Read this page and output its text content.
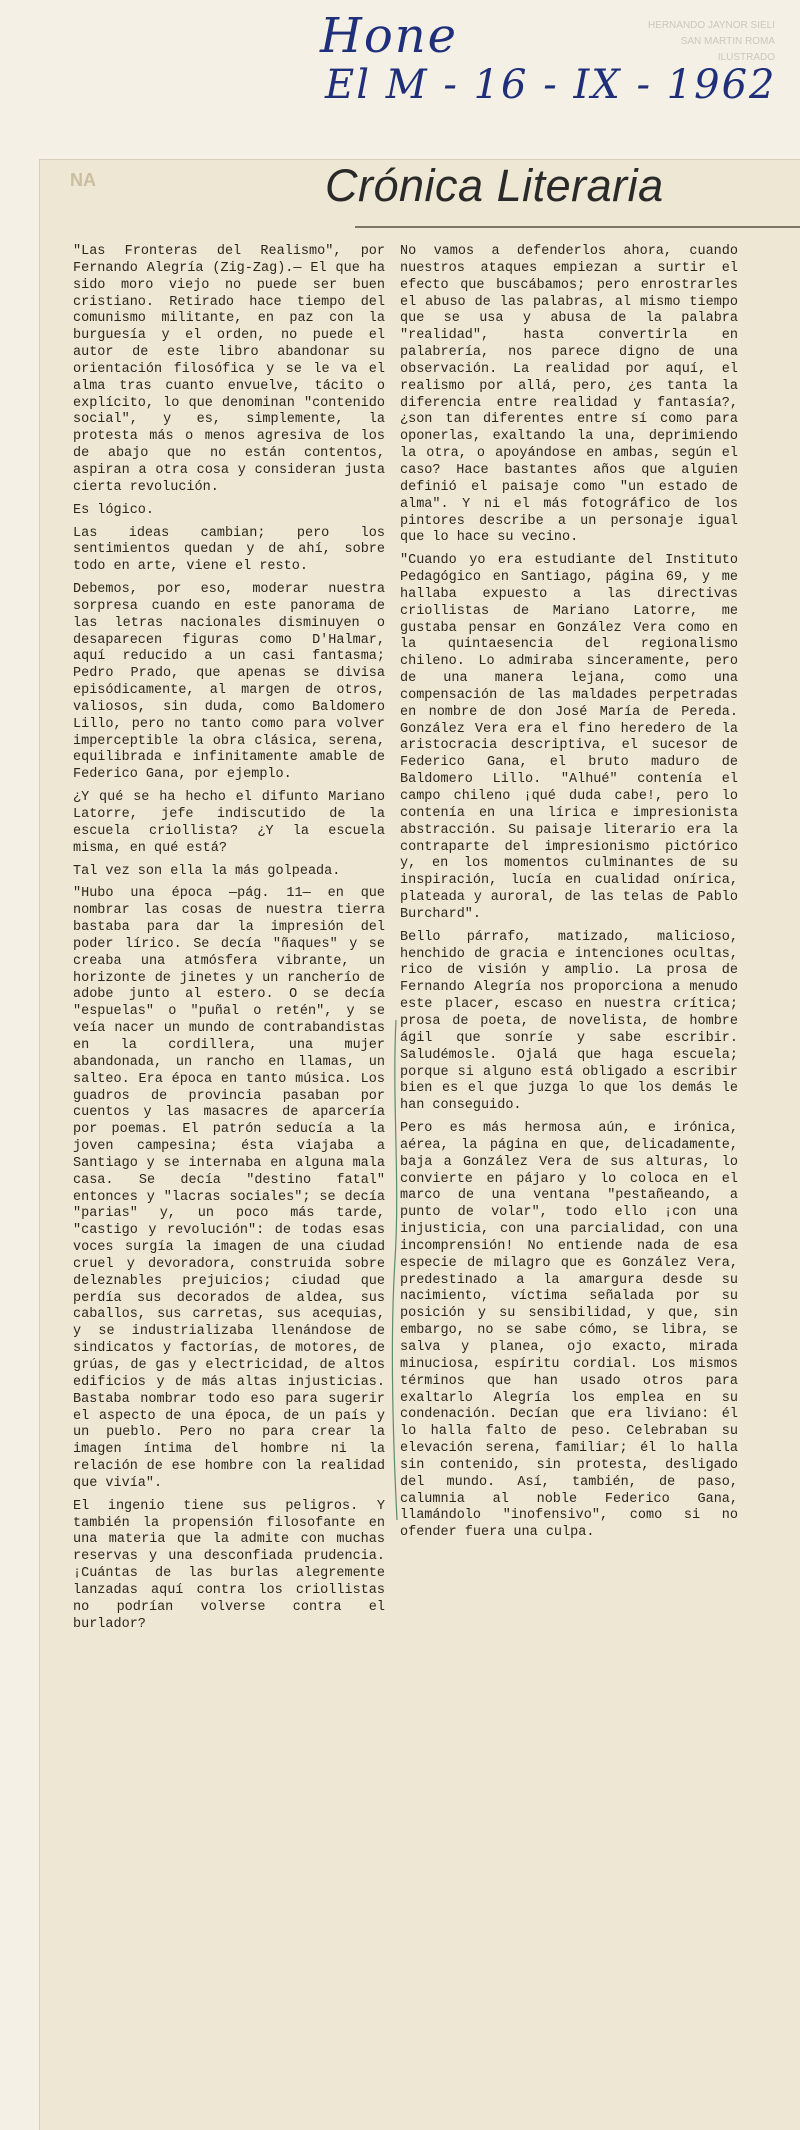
Hone
El M - 16 - IX - 1962
HERNANDO JAYNOR SIELI
SAN MARTIN ROMA
ILUSTRADO
NA	Crónica Literaria

"Las Fronteras del Realismo", por Fernando Alegría (Zig-Zag).— El que ha sido moro viejo no puede ser buen cristiano. Retirado hace tiempo del comunismo militante, en paz con la burguesía y el orden, no puede el autor de este libro abandonar su orientación filosófica y se le va el alma tras cuanto envuelve, tácito o explícito, lo que denominan "contenido social", y es, simplemente, la protesta más o menos agresiva de los de abajo que no están contentos, aspiran a otra cosa y consideran justa cierta revolución.

Es lógico.

Las ideas cambian; pero los sentimientos quedan y de ahí, sobre todo en arte, viene el resto.

Debemos, por eso, moderar nuestra sorpresa cuando en este panorama de las letras nacionales disminuyen o desaparecen figuras como D'Halmar, aquí reducido a un casi fantasma; Pedro Prado, que apenas se divisa episódicamente, al margen de otros, valiosos, sin duda, como Baldomero Lillo, pero no tanto como para volver imperceptible la obra clásica, serena, equilibrada e infinitamente amable de Federico Gana, por ejemplo.

¿Y qué se ha hecho el difunto Mariano Latorre, jefe indiscutido de la escuela criollista? ¿Y la escuela misma, en qué está?

Tal vez son ella la más golpeada.

"Hubo una época —pág. 11— en que nombrar las cosas de nuestra tierra bastaba para dar la impresión del poder lírico. Se decía "ñaques" y se creaba una atmósfera vibrante, un horizonte de jinetes y un rancherío de adobe junto al estero. O se decía "espuelas" o "puñal o retén", y se veía nacer un mundo de contrabandistas en la cordillera, una mujer abandonada, un rancho en llamas, un salteo. Era época en tanto música. Los guadros de provincia pasaban por cuentos y las masacres de aparcería por poemas. El patrón seducía a la joven campesina; ésta viajaba a Santiago y se internaba en alguna mala casa. Se decía "destino fatal" entonces y "lacras sociales"; se decía "parias" y, un poco más tarde, "castigo y revolución": de todas esas voces surgía la imagen de una ciudad cruel y devoradora, construida sobre deleznables prejuicios; ciudad que perdía sus decorados de aldea, sus caballos, sus carretas, sus acequias, y se industrializaba llenándose de sindicatos y factorías, de motores, de grúas, de gas y electricidad, de altos edificios y de más altas injusticias. Bastaba nombrar todo eso para sugerir el aspecto de una época, de un país y un pueblo. Pero no para crear la imagen íntima del hombre ni la relación de ese hombre con la realidad que vivía".

El ingenio tiene sus peligros. Y también la propensión filosofante en una materia que la admite con muchas reservas y una desconfiada prudencia. ¡Cuántas de las burlas alegremente lanzadas aquí contra los criollistas no podrían volverse contra el burlador?

No vamos a defenderlos ahora, cuando nuestros ataques empiezan a surtir el efecto que buscábamos; pero enrostrarles el abuso de las palabras, al mismo tiempo que se usa y abusa de la palabra "realidad", hasta convertirla en palabrería, nos parece digno de una observación. La realidad por aquí, el realismo por allá, pero, ¿es tanta la diferencia entre realidad y fantasía?, ¿son tan diferentes entre sí como para oponerlas, exaltando la una, deprimiendo la otra, o apoyándose en ambas, según el caso? Hace bastantes años que alguien definió el paisaje como "un estado de alma". Y ni el más fotográfico de los pintores describe a un personaje igual que lo hace su vecino.

"Cuando yo era estudiante del Instituto Pedagógico en Santiago, página 69, y me hallaba expuesto a las directivas criollistas de Mariano Latorre, me gustaba pensar en González Vera como en la quintaesencia del regionalismo chileno. Lo admiraba sinceramente, pero de una manera lejana, como una compensación de las maldades perpetradas en nombre de don José María de Pereda. González Vera era el fino heredero de la aristocracia descriptiva, el sucesor de Federico Gana, el bruto maduro de Baldomero Lillo. "Alhué" contenía el campo chileno ¡qué duda cabe!, pero lo contenía en una lírica e impresionista abstracción. Su paisaje literario era la contraparte del impresionismo pictórico y, en los momentos culminantes de su inspiración, lucía en cualidad onírica, plateada y auroral, de las telas de Pablo Burchard".

Bello párrafo, matizado, malicioso, henchido de gracia e intenciones ocultas, rico de visión y amplio. La prosa de Fernando Alegría nos proporciona a menudo este placer, escaso en nuestra crítica; prosa de poeta, de novelista, de hombre ágil que sonríe y sabe escribir. Saludémosle. Ojalá que haga escuela; porque si alguno está obligado a escribir bien es el que juzga lo que los demás le han conseguido.

Pero es más hermosa aún, e irónica, aérea, la página en que, delicadamente, baja a González Vera de sus alturas, lo convierte en pájaro y lo coloca en el marco de una ventana "pestañeando, a punto de volar", todo ello ¡con una injusticia, con una parcialidad, con una incomprensión! No entiende nada de esa especie de milagro que es González Vera, predestinado a la amargura desde su nacimiento, víctima señalada por su posición y su sensibilidad, y que, sin embargo, no se sabe cómo, se libra, se salva y planea, ojo exacto, mirada minuciosa, espíritu cordial. Los mismos términos que han usado otros para exaltarlo Alegría los emplea en su condenación. Decían que era liviano: él lo halla falto de peso. Celebraban su elevación serena, familiar; él lo halla sin contenido, sin protesta, desligado del mundo. Así, también, de paso, calumnia al noble Federico Gana, llamándolo "inofensivo", como si no ofender fuera una culpa.
